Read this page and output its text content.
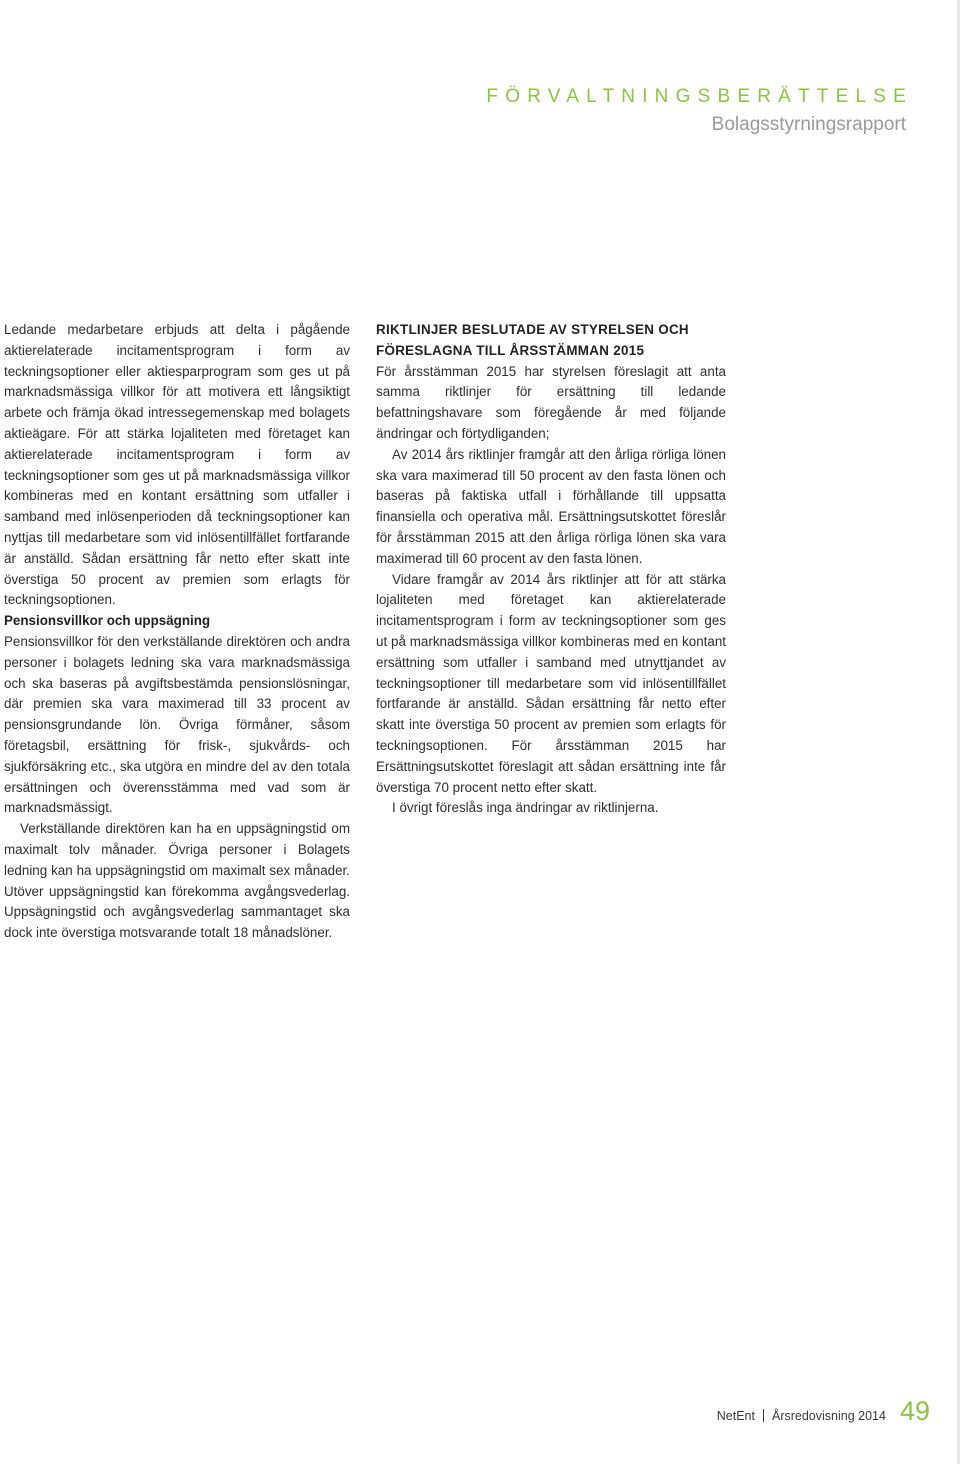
FÖRVALTNINGSBERÄTTELSE
Bolagsstyrningsrapport

Ledande medarbetare erbjuds att delta i pågående aktierelaterade incitamentsprogram i form av teckningsoptioner eller aktiesparprogram som ges ut på marknadsmässiga villkor för att motivera ett långsiktigt arbete och främja ökad intressegemenskap med bolagets aktieägare. För att stärka lojaliteten med företaget kan aktierelaterade incitamentsprogram i form av teckningsoptioner som ges ut på marknadsmässiga villkor kombineras med en kontant ersättning som utfaller i samband med inlösenperioden då teckningsoptioner kan nyttjas till medarbetare som vid inlösentillfället fortfarande är anställd. Sådan ersättning får netto efter skatt inte överstiga 50 procent av premien som erlagts för teckningsoptionen.

Pensionsvillkor och uppsägning

Pensionsvillkor för den verkställande direktören och andra personer i bolagets ledning ska vara marknadsmässiga och ska baseras på avgiftsbestämda pensionslösningar, där premien ska vara maximerad till 33 procent av pensionsgrundande lön. Övriga förmåner, såsom företagsbil, ersättning för frisk-, sjukvårds- och sjukförsäkring etc., ska utgöra en mindre del av den totala ersättningen och överensstämma med vad som är marknadsmässigt.

Verkställande direktören kan ha en uppsägningstid om maximalt tolv månader. Övriga personer i Bolagets ledning kan ha uppsägningstid om maximalt sex månader. Utöver uppsägningstid kan förekomma avgångsvederlag. Uppsägningstid och avgångsvederlag sammantaget ska dock inte överstiga motsvarande totalt 18 månadslöner.

RIKTLINJER BESLUTADE AV STYRELSEN OCH FÖRESLAGNA TILL ÅRSSTÄMMAN 2015

För årsstämman 2015 har styrelsen föreslagit att anta samma riktlinjer för ersättning till ledande befattningshavare som föregående år med följande ändringar och förtydliganden;

Av 2014 års riktlinjer framgår att den årliga rörliga lönen ska vara maximerad till 50 procent av den fasta lönen och baseras på faktiska utfall i förhållande till uppsatta finansiella och operativa mål. Ersättningsutskottet föreslår för årsstämman 2015 att den årliga rörliga lönen ska vara maximerad till 60 procent av den fasta lönen.

Vidare framgår av 2014 års riktlinjer att för att stärka lojaliteten med företaget kan aktierelaterade incitamentsprogram i form av teckningsoptioner som ges ut på marknadsmässiga villkor kombineras med en kontant ersättning som utfaller i samband med utnyttjandet av teckningsoptioner till medarbetare som vid inlösentillfället fortfarande är anställd. Sådan ersättning får netto efter skatt inte överstiga 50 procent av premien som erlagts för teckningsoptionen. För årsstämman 2015 har Ersättningsutskottet föreslagit att sådan ersättning inte får överstiga 70 procent netto efter skatt.

I övrigt föreslås inga ändringar av riktlinjerna.

NetEnt Årsredovisning 2014 49
